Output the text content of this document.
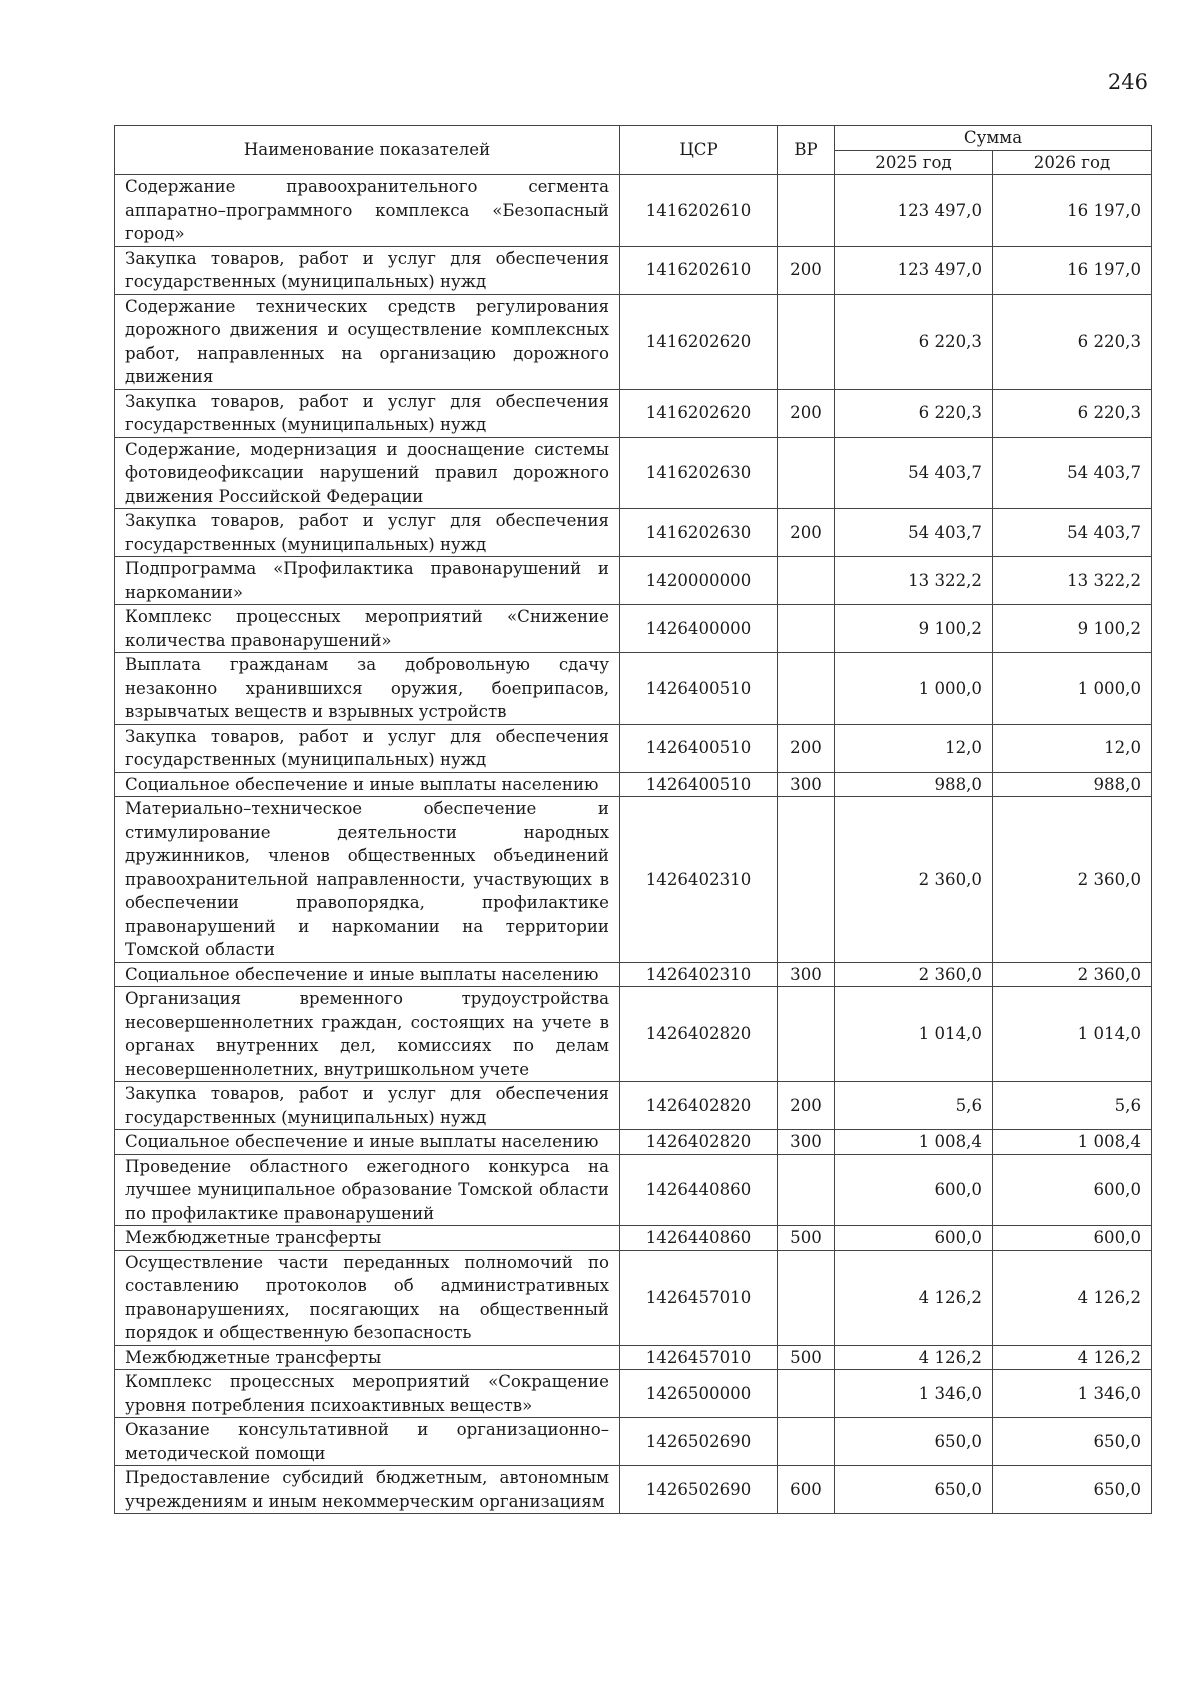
246
Наименование показателей	ЦСР	ВР	Сумма	
			2025 год	2026 год
Содержание правоохранительного сегмента аппаратно–программного комплекса «Безопасный город»	1416202610		123 497,0	16 197,0
Закупка товаров, работ и услуг для обеспечения государственных (муниципальных) нужд	1416202610	200	123 497,0	16 197,0
Содержание технических средств регулирования дорожного движения и осуществление комплексных работ, направленных на организацию дорожного движения	1416202620		6 220,3	6 220,3
Закупка товаров, работ и услуг для обеспечения государственных (муниципальных) нужд	1416202620	200	6 220,3	6 220,3
Содержание, модернизация и дооснащение системы фотовидеофиксации нарушений правил дорожного движения Российской Федерации	1416202630		54 403,7	54 403,7
Закупка товаров, работ и услуг для обеспечения государственных (муниципальных) нужд	1416202630	200	54 403,7	54 403,7
Подпрограмма «Профилактика правонарушений и наркомании»	1420000000		13 322,2	13 322,2
Комплекс процессных мероприятий «Снижение количества правонарушений»	1426400000		9 100,2	9 100,2
Выплата гражданам за добровольную сдачу незаконно хранившихся оружия, боеприпасов, взрывчатых веществ и взрывных устройств	1426400510		1 000,0	1 000,0
Закупка товаров, работ и услуг для обеспечения государственных (муниципальных) нужд	1426400510	200	12,0	12,0
Социальное обеспечение и иные выплаты населению	1426400510	300	988,0	988,0
Материально–техническое обеспечение и стимулирование деятельности народных дружинников, членов общественных объединений правоохранительной направленности, участвующих в обеспечении правопорядка, профилактике правонарушений и наркомании на территории Томской области	1426402310		2 360,0	2 360,0
Социальное обеспечение и иные выплаты населению	1426402310	300	2 360,0	2 360,0
Организация временного трудоустройства несовершеннолетних граждан, состоящих на учете в органах внутренних дел, комиссиях по делам несовершеннолетних, внутришкольном учете	1426402820		1 014,0	1 014,0
Закупка товаров, работ и услуг для обеспечения государственных (муниципальных) нужд	1426402820	200	5,6	5,6
Социальное обеспечение и иные выплаты населению	1426402820	300	1 008,4	1 008,4
Проведение областного ежегодного конкурса на лучшее муниципальное образование Томской области по профилактике правонарушений	1426440860		600,0	600,0
Межбюджетные трансферты	1426440860	500	600,0	600,0
Осуществление части переданных полномочий по составлению протоколов об административных правонарушениях, посягающих на общественный порядок и общественную безопасность	1426457010		4 126,2	4 126,2
Межбюджетные трансферты	1426457010	500	4 126,2	4 126,2
Комплекс процессных мероприятий «Сокращение уровня потребления психоактивных веществ»	1426500000		1 346,0	1 346,0
Оказание консультативной и организационно–методической помощи	1426502690		650,0	650,0
Предоставление субсидий бюджетным, автономным учреждениям и иным некоммерческим организациям	1426502690	600	650,0	650,0
